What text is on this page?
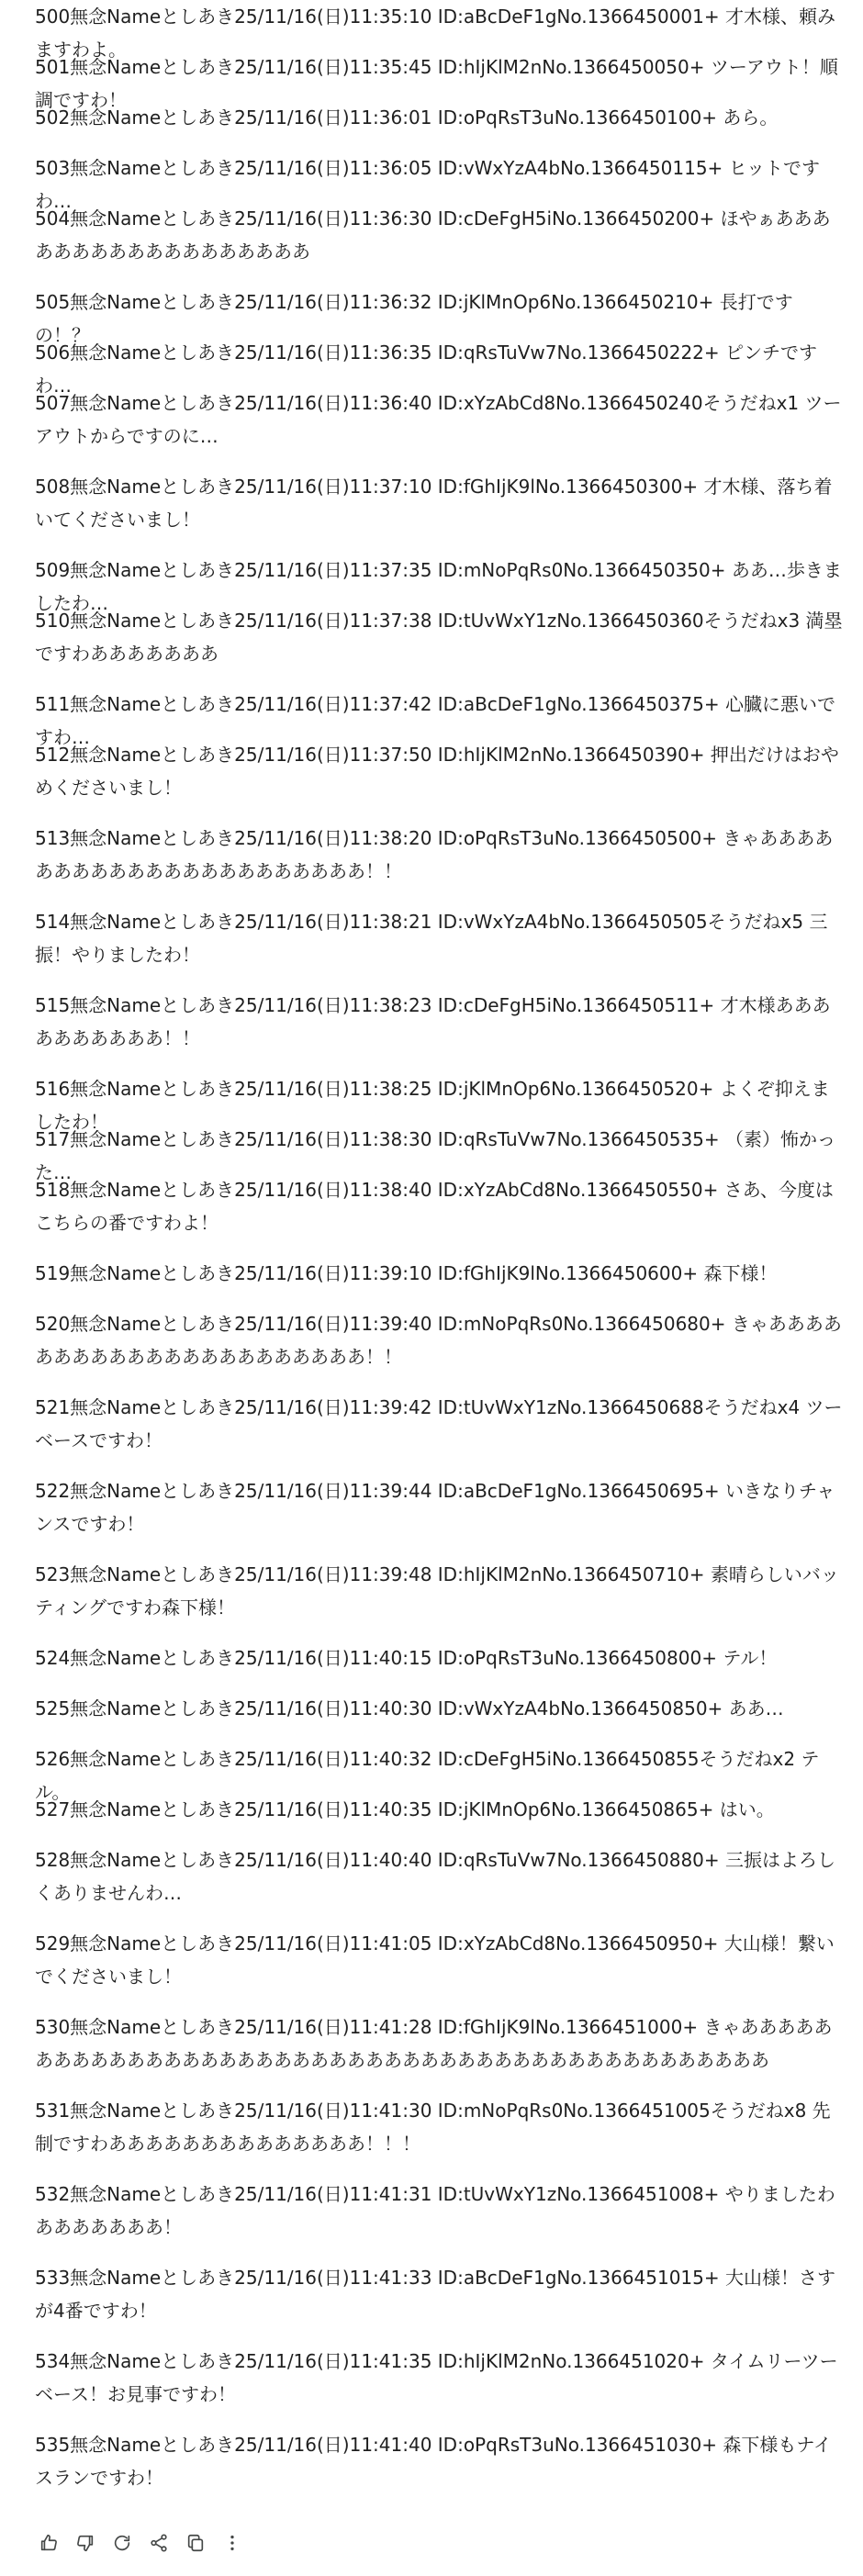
500無念Nameとしあき25/11/16(日)11:35:10 ID:aBcDeF1gNo.1366450001+ 才木様、頼みますわよ。

501無念Nameとしあき25/11/16(日)11:35:45 ID:hIjKlM2nNo.1366450050+ ツーアウト！順調ですわ！

502無念Nameとしあき25/11/16(日)11:36:01 ID:oPqRsT3uNo.1366450100+ あら。

503無念Nameとしあき25/11/16(日)11:36:05 ID:vWxYzA4bNo.1366450115+ ヒットですわ…

504無念Nameとしあき25/11/16(日)11:36:30 ID:cDeFgH5iNo.1366450200+ ほやぁああああああああああああああああああ

505無念Nameとしあき25/11/16(日)11:36:32 ID:jKlMnOp6No.1366450210+ 長打ですの！？

506無念Nameとしあき25/11/16(日)11:36:35 ID:qRsTuVw7No.1366450222+ ピンチですわ…

507無念Nameとしあき25/11/16(日)11:36:40 ID:xYzAbCd8No.1366450240そうだねx1 ツーアウトからですのに…

508無念Nameとしあき25/11/16(日)11:37:10 ID:fGhIjK9lNo.1366450300+ 才木様、落ち着いてくださいまし！

509無念Nameとしあき25/11/16(日)11:37:35 ID:mNoPqRs0No.1366450350+ ああ…歩きましたわ…

510無念Nameとしあき25/11/16(日)11:37:38 ID:tUvWxY1zNo.1366450360そうだねx3 満塁ですわあああああああ

511無念Nameとしあき25/11/16(日)11:37:42 ID:aBcDeF1gNo.1366450375+ 心臓に悪いですわ…

512無念Nameとしあき25/11/16(日)11:37:50 ID:hIjKlM2nNo.1366450390+ 押出だけはおやめくださいまし！

513無念Nameとしあき25/11/16(日)11:38:20 ID:oPqRsT3uNo.1366450500+ きゃああああああああああああああああああああああ！！

514無念Nameとしあき25/11/16(日)11:38:21 ID:vWxYzA4bNo.1366450505そうだねx5 三振！やりましたわ！

515無念Nameとしあき25/11/16(日)11:38:23 ID:cDeFgH5iNo.1366450511+ 才木様ああああああああああ！！

516無念Nameとしあき25/11/16(日)11:38:25 ID:jKlMnOp6No.1366450520+ よくぞ抑えましたわ！

517無念Nameとしあき25/11/16(日)11:38:30 ID:qRsTuVw7No.1366450535+ （素）怖かった…

518無念Nameとしあき25/11/16(日)11:38:40 ID:xYzAbCd8No.1366450550+ さあ、今度はこちらの番ですわよ！

519無念Nameとしあき25/11/16(日)11:39:10 ID:fGhIjK9lNo.1366450600+ 森下様！

520無念Nameとしあき25/11/16(日)11:39:40 ID:mNoPqRs0No.1366450680+ きゃああああああああああああああああああああああ！！

521無念Nameとしあき25/11/16(日)11:39:42 ID:tUvWxY1zNo.1366450688そうだねx4 ツーベースですわ！

522無念Nameとしあき25/11/16(日)11:39:44 ID:aBcDeF1gNo.1366450695+ いきなりチャンスですわ！

523無念Nameとしあき25/11/16(日)11:39:48 ID:hIjKlM2nNo.1366450710+ 素晴らしいバッティングですわ森下様！

524無念Nameとしあき25/11/16(日)11:40:15 ID:oPqRsT3uNo.1366450800+ テル！

525無念Nameとしあき25/11/16(日)11:40:30 ID:vWxYzA4bNo.1366450850+ ああ…

526無念Nameとしあき25/11/16(日)11:40:32 ID:cDeFgH5iNo.1366450855そうだねx2 テル。

527無念Nameとしあき25/11/16(日)11:40:35 ID:jKlMnOp6No.1366450865+ はい。

528無念Nameとしあき25/11/16(日)11:40:40 ID:qRsTuVw7No.1366450880+ 三振はよろしくありませんわ…

529無念Nameとしあき25/11/16(日)11:41:05 ID:xYzAbCd8No.1366450950+ 大山様！繋いでくださいまし！

530無念Nameとしあき25/11/16(日)11:41:28 ID:fGhIjK9lNo.1366451000+ きゃあああああああああああああああああああああああああああああああああああああああああああああ

531無念Nameとしあき25/11/16(日)11:41:30 ID:mNoPqRs0No.1366451005そうだねx8 先制ですわああああああああああああああ！！！

532無念Nameとしあき25/11/16(日)11:41:31 ID:tUvWxY1zNo.1366451008+ やりましたわあああああああ！

533無念Nameとしあき25/11/16(日)11:41:33 ID:aBcDeF1gNo.1366451015+ 大山様！さすが4番ですわ！

534無念Nameとしあき25/11/16(日)11:41:35 ID:hIjKlM2nNo.1366451020+ タイムリーツーベース！お見事ですわ！

535無念Nameとしあき25/11/16(日)11:41:40 ID:oPqRsT3uNo.1366451030+ 森下様もナイスランですわ！
